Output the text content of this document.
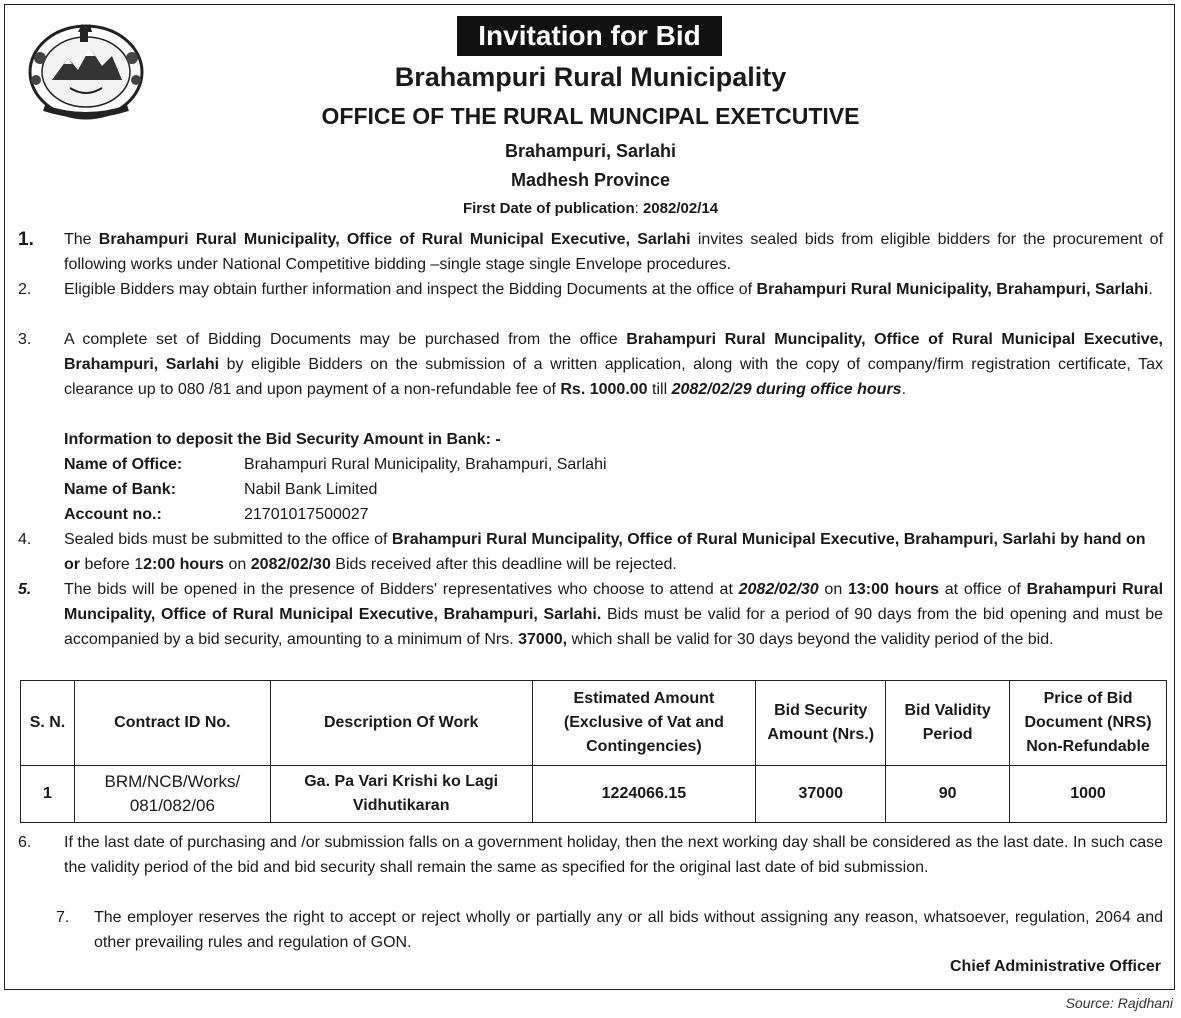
Invitation for Bid
Brahampuri Rural Municipality
OFFICE OF THE RURAL MUNCIPAL EXETCUTIVE
Brahampuri, Sarlahi
Madhesh Province
First Date of publication: 2082/02/14
1.	The Brahampuri Rural Municipality, Office of Rural Municipal Executive, Sarlahi invites sealed bids from eligible bidders for the procurement of following works under National Competitive bidding –single stage single Envelope procedures.
2.	Eligible Bidders may obtain further information and inspect the Bidding Documents at the office of Brahampuri Rural Municipality, Brahampuri, Sarlahi.
3.	A complete set of Bidding Documents may be purchased from the office Brahampuri Rural Muncipality, Office of Rural Municipal Executive, Brahampuri, Sarlahi by eligible Bidders on the submission of a written application, along with the copy of company/firm registration certificate, Tax clearance up to 080 /81 and upon payment of a non-refundable fee of Rs. 1000.00 till 2082/02/29 during office hours.
Information to deposit the Bid Security Amount in Bank: -
Name of Office:	Brahampuri Rural Municipality, Brahampuri, Sarlahi
Name of Bank:	Nabil Bank Limited
Account no.:	21701017500027
4.	Sealed bids must be submitted to the office of Brahampuri Rural Muncipality, Office of Rural Municipal Executive, Brahampuri, Sarlahi by hand on or before 12:00 hours on 2082/02/30 Bids received after this deadline will be rejected.
5.	The bids will be opened in the presence of Bidders' representatives who choose to attend at 2082/02/30 on 13:00 hours at office of Brahampuri Rural Muncipality, Office of Rural Municipal Executive, Brahampuri, Sarlahi. Bids must be valid for a period of 90 days from the bid opening and must be accompanied by a bid security, amounting to a minimum of Nrs. 37000, which shall be valid for 30 days beyond the validity period of the bid.
S. N.	Contract ID No.	Description Of Work	Estimated Amount (Exclusive of Vat and Contingencies)	Bid Security Amount (Nrs.)	Bid Validity Period	Price of Bid Document (NRS) Non-Refundable
1	BRM/NCB/Works/ 081/082/06	Ga. Pa Vari Krishi ko Lagi Vidhutikaran	1224066.15	37000	90	1000
6.	If the last date of purchasing and /or submission falls on a government holiday, then the next working day shall be considered as the last date. In such case the validity period of the bid and bid security shall remain the same as specified for the original last date of bid submission.
7.	The employer reserves the right to accept or reject wholly or partially any or all bids without assigning any reason, whatsoever, regulation, 2064 and other prevailing rules and regulation of GON.
Chief Administrative Officer
Source: Rajdhani
